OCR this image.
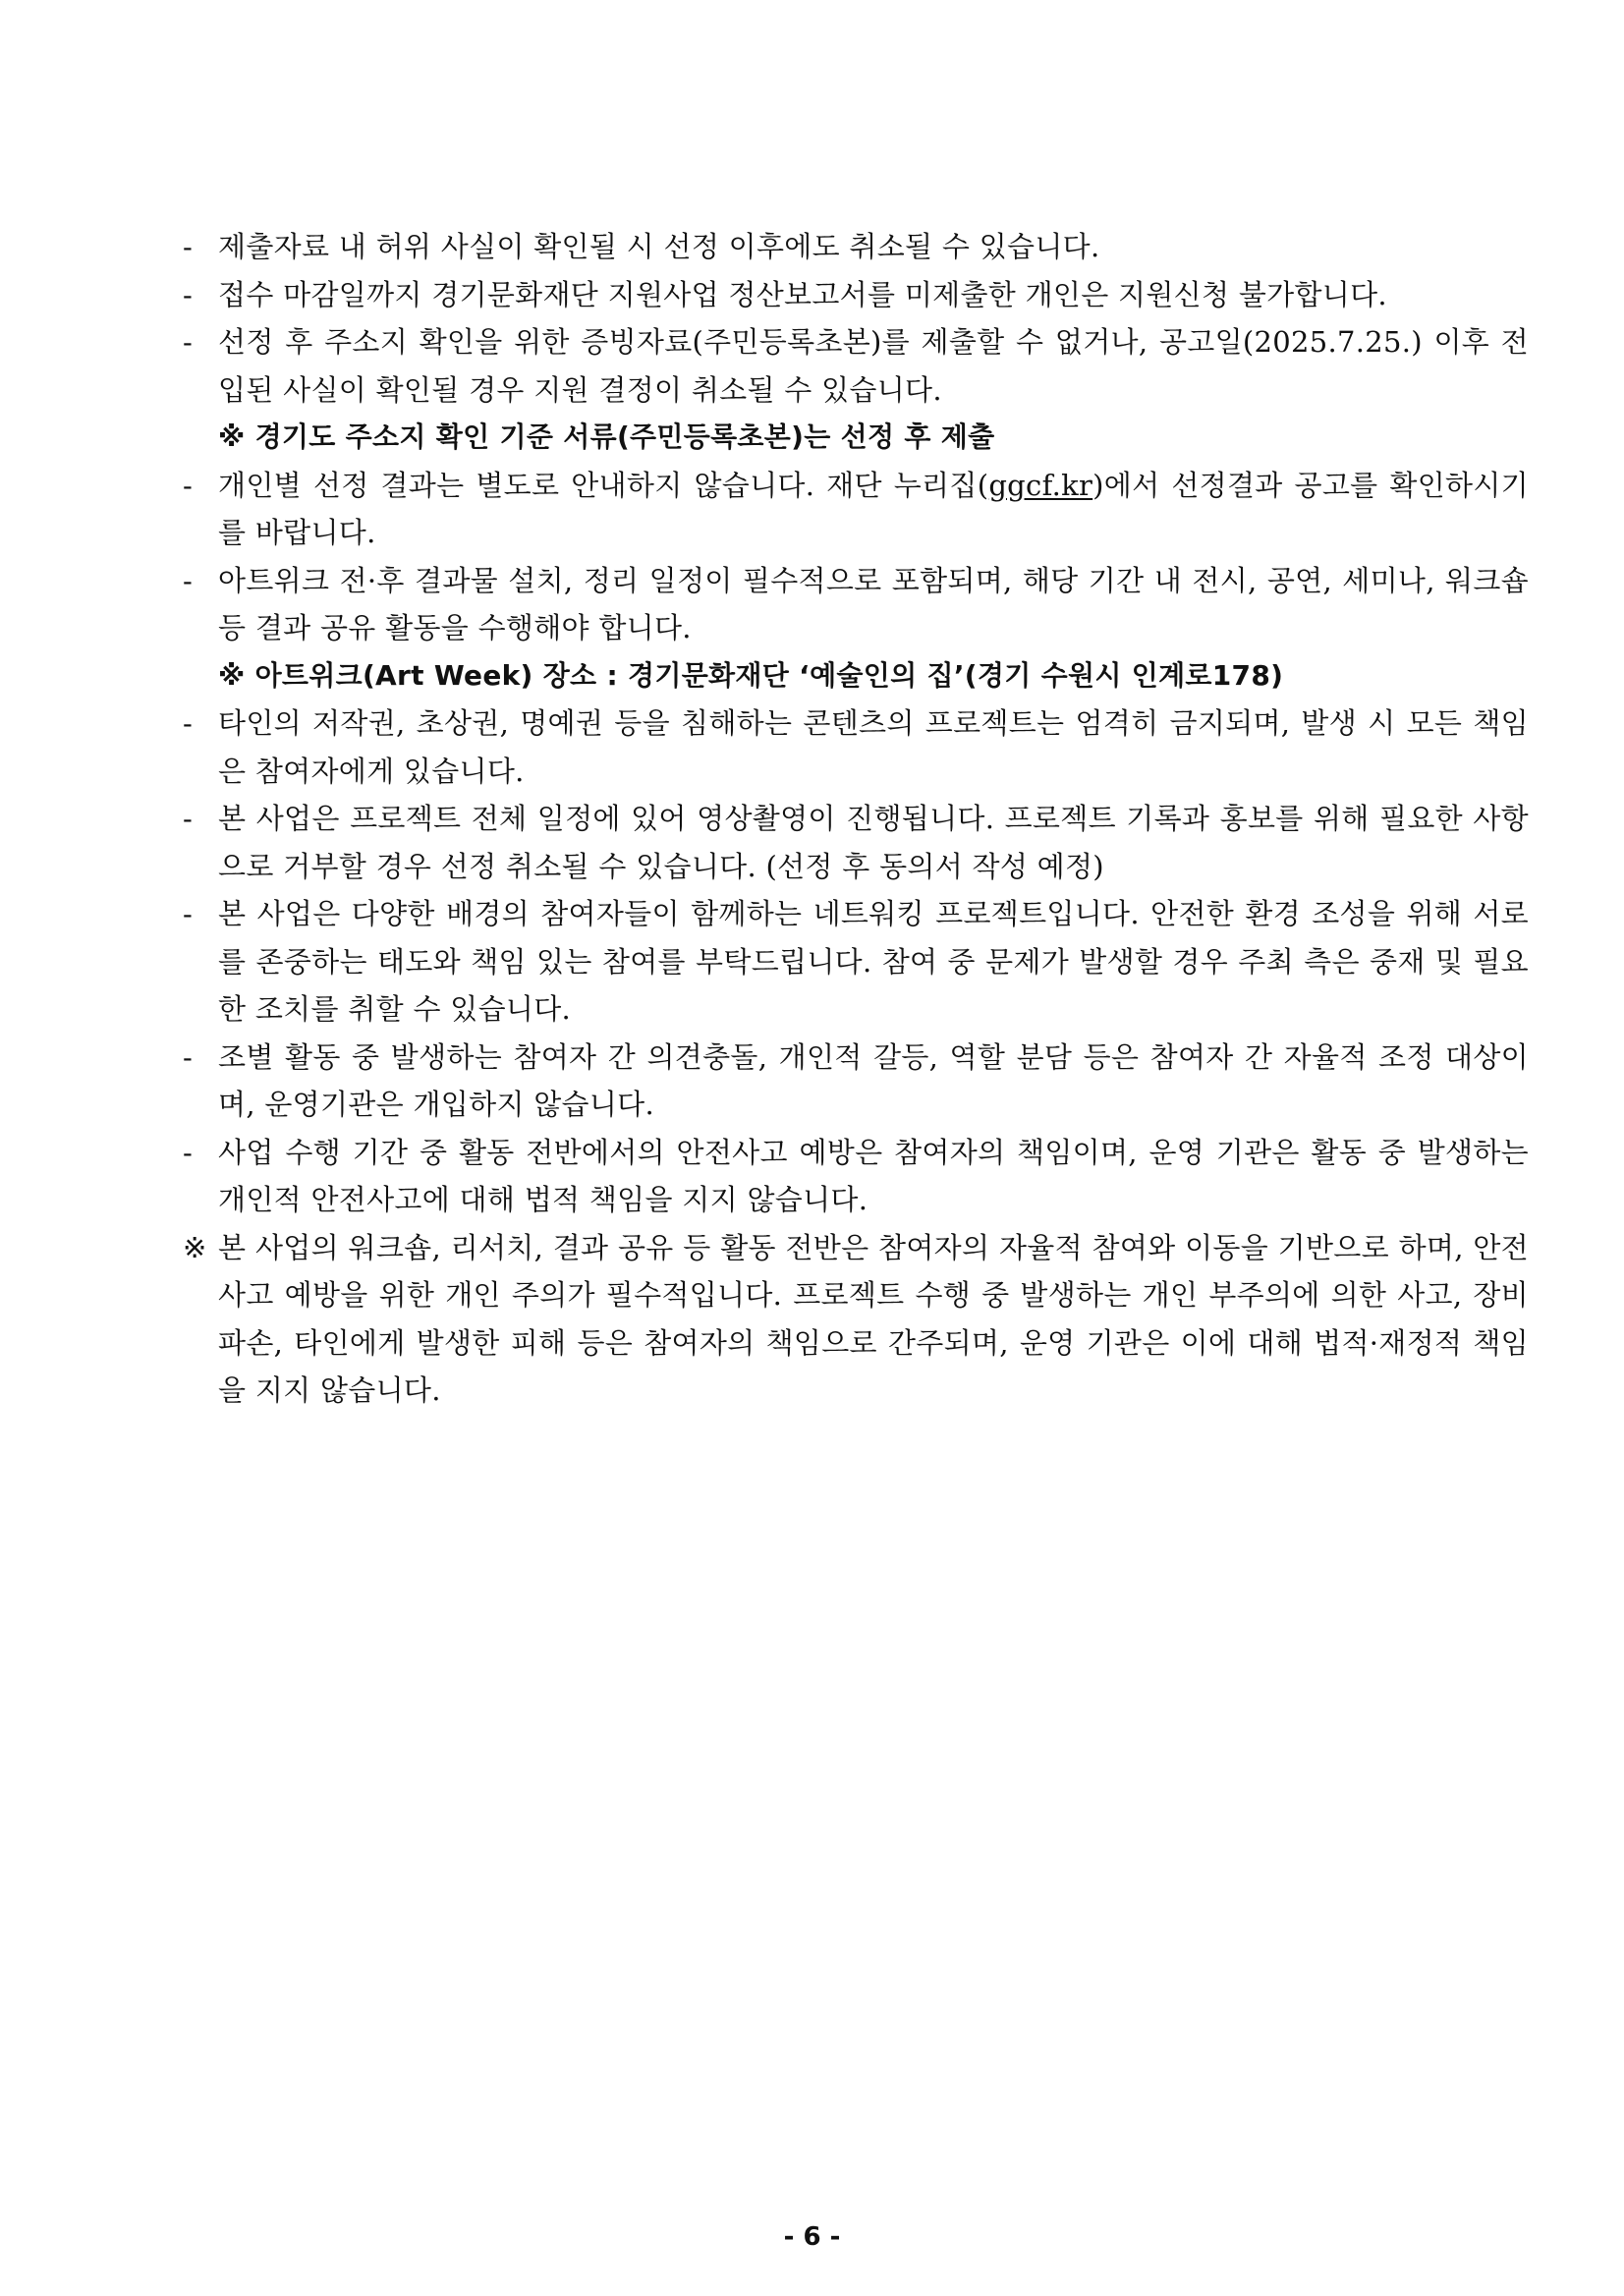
- 제출자료 내 허위 사실이 확인될 시 선정 이후에도 취소될 수 있습니다.

- 접수 마감일까지 경기문화재단 지원사업 정산보고서를 미제출한 개인은 지원신청 불가합니다.

- 선정 후 주소지 확인을 위한 증빙자료(주민등록초본)를 제출할 수 없거나, 공고일(2025.7.25.) 이후 전입된 사실이 확인될 경우 지원 결정이 취소될 수 있습니다.

※ 경기도 주소지 확인 기준 서류(주민등록초본)는 선정 후 제출

- 개인별 선정 결과는 별도로 안내하지 않습니다. 재단 누리집(ggcf.kr)에서 선정결과 공고를 확인하시기를 바랍니다.

- 아트위크 전·후 결과물 설치, 정리 일정이 필수적으로 포함되며, 해당 기간 내 전시, 공연, 세미나, 워크숍 등 결과 공유 활동을 수행해야 합니다.

※ 아트위크(Art Week) 장소 : 경기문화재단 ‘예술인의 집’(경기 수원시 인계로178)

- 타인의 저작권, 초상권, 명예권 등을 침해하는 콘텐츠의 프로젝트는 엄격히 금지되며, 발생 시 모든 책임은 참여자에게 있습니다.

- 본 사업은 프로젝트 전체 일정에 있어 영상촬영이 진행됩니다. 프로젝트 기록과 홍보를 위해 필요한 사항으로 거부할 경우 선정 취소될 수 있습니다. (선정 후 동의서 작성 예정)

- 본 사업은 다양한 배경의 참여자들이 함께하는 네트워킹 프로젝트입니다. 안전한 환경 조성을 위해 서로를 존중하는 태도와 책임 있는 참여를 부탁드립니다. 참여 중 문제가 발생할 경우 주최 측은 중재 및 필요한 조치를 취할 수 있습니다.

- 조별 활동 중 발생하는 참여자 간 의견충돌, 개인적 갈등, 역할 분담 등은 참여자 간 자율적 조정 대상이며, 운영기관은 개입하지 않습니다.

- 사업 수행 기간 중 활동 전반에서의 안전사고 예방은 참여자의 책임이며, 운영 기관은 활동 중 발생하는 개인적 안전사고에 대해 법적 책임을 지지 않습니다.

※ 본 사업의 워크숍, 리서치, 결과 공유 등 활동 전반은 참여자의 자율적 참여와 이동을 기반으로 하며, 안전사고 예방을 위한 개인 주의가 필수적입니다. 프로젝트 수행 중 발생하는 개인 부주의에 의한 사고, 장비 파손, 타인에게 발생한 피해 등은 참여자의 책임으로 간주되며, 운영 기관은 이에 대해 법적·재정적 책임을 지지 않습니다.

- 6 -
